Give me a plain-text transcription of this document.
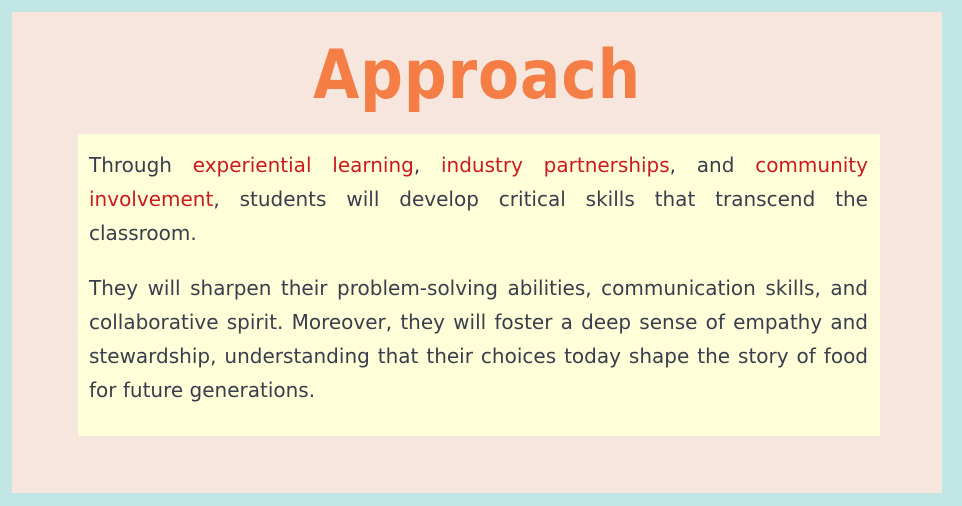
Approach

Through experiential learning, industry partnerships, and community involvement, students will develop critical skills that transcend the classroom.

They will sharpen their problem-solving abilities, communication skills, and collaborative spirit. Moreover, they will foster a deep sense of empathy and stewardship, understanding that their choices today shape the story of food for future generations.
